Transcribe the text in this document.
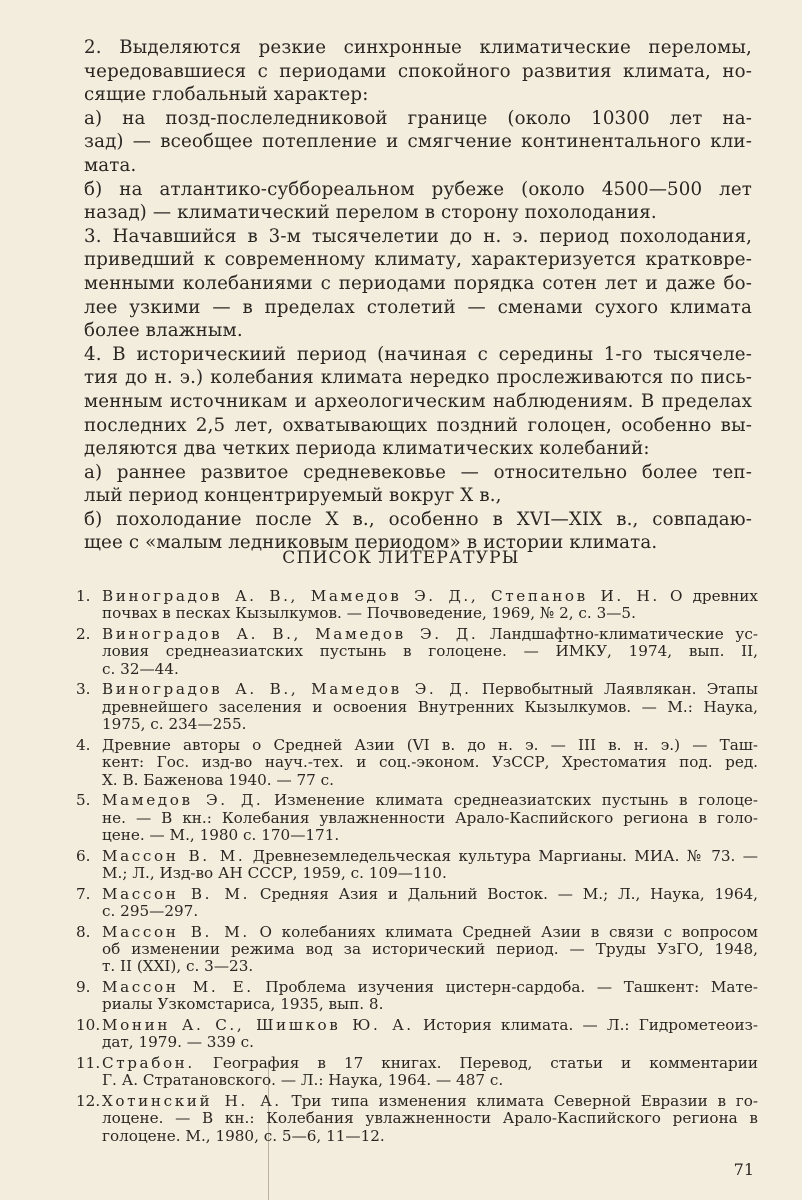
2. Выделяются резкие синхронные климатические переломы,
чередовавшиеся с периодами спокойного развития климата, но-
сящие глобальный характер:

а) на позд-послеледниковой границе (около 10300 лет на-
зад) — всеобщее потепление и смягчение континентального кли-
мата.

б) на атлантико-суббореальном рубеже (около 4500—500 лет
назад) — климатический перелом в сторону похолодания.

3. Начавшийся в 3-м тысячелетии до н. э. период похолодания,
приведший к современному климату, характеризуется кратковре-
менными колебаниями с периодами порядка сотен лет и даже бо-
лее узкими — в пределах столетий — сменами сухого климата
более влажным.

4. В историческиий период (начиная с середины 1-го тысячеле-
тия до н. э.) колебания климата нередко прослеживаются по пись-
менным источникам и археологическим наблюдениям. В пределах
последних 2,5 лет, охватывающих поздний голоцен, особенно вы-
деляются два четких периода климатических колебаний:

а) раннее развитое средневековье — относительно более теп-
лый период концентрируемый вокруг X в.,

б) похолодание после X в., особенно в XVI—XIX в., совпадаю-
щее с «малым ледниковым периодом» в истории климата.

СПИСОК ЛИТЕРАТУРЫ
1. Виноградов А. В., Мамедов Э. Д., Степанов И. Н. О древних
почвах в песках Кызылкумов. — Почвоведение, 1969, № 2, с. 3—5.
2. Виноградов А. В., Мамедов Э. Д. Ландшафтно-климатические ус-
ловия среднеазиатских пустынь в голоцене. — ИМКУ, 1974, вып. II,
с. 32—44.
3. Виноградов А. В., Мамедов Э. Д. Первобытный Лаявлякан. Этапы
древнейшего заселения и освоения Внутренних Кызылкумов. — М.: Наука,
1975, с. 234—255.
4. Древние авторы о Средней Азии (VI в. до н. э. — III в. н. э.) — Таш-
кент: Гос. изд-во науч.-тех. и соц.-эконом. УзССР, Хрестоматия под. ред.
Х. В. Баженова 1940. — 77 с.
5. Мамедов Э. Д. Изменение климата среднеазиатских пустынь в голоце-
не. — В кн.: Колебания увлажненности Арало-Каспийского региона в голо-
цене. — М., 1980 с. 170—171.
6. Массон В. М. Древнеземледельческая культура Маргианы. МИА. № 73. —
М.; Л., Изд-во АН СССР, 1959, с. 109—110.
7. Массон В. М. Средняя Азия и Дальний Восток. — М.; Л., Наука, 1964,
с. 295—297.
8. Массон В. М. О колебаниях климата Средней Азии в связи с вопросом
об изменении режима вод за исторический период. — Труды УзГО, 1948,
т. II (XXI), с. 3—23.
9. Массон М. Е. Проблема изучения цистерн-сардоба. — Ташкент: Мате-
риалы Узкомстариса, 1935, вып. 8.
10. Монин А. С., Шишков Ю. А. История климата. — Л.: Гидрометеоиз-
дат, 1979. — 339 с.
11. Страбон. География в 17 книгах. Перевод, статьи и комментарии
Г. А. Стратановского. — Л.: Наука, 1964. — 487 с.
12. Хотинский Н. А. Три типа изменения климата Северной Евразии в го-
лоцене. — В кн.: Колебания увлажненности Арало-Каспийского региона в
голоцене. М., 1980, с. 5—6, 11—12.
71
